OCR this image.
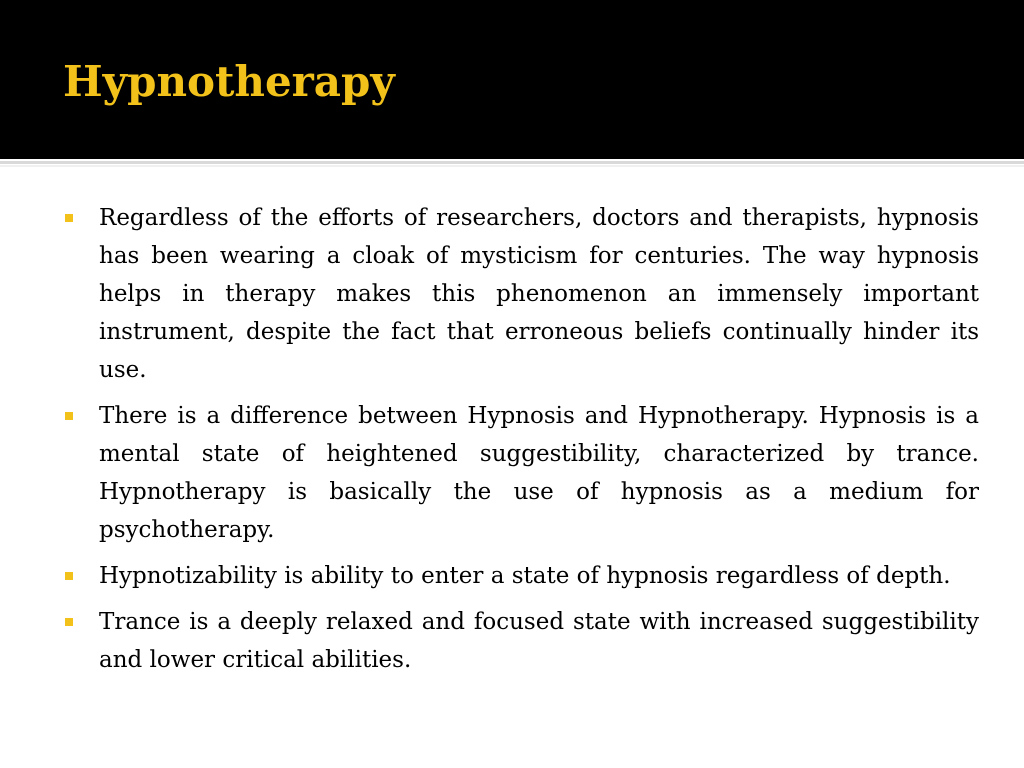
Hypnotherapy
Regardless of the efforts of researchers, doctors and therapists, hypnosis has been wearing a cloak of mysticism for centuries. The way hypnosis helps in therapy makes this phenomenon an immensely important instrument, despite the fact that erroneous beliefs continually hinder its use.
There is a difference between Hypnosis and Hypnotherapy. Hypnosis is a mental state of heightened suggestibility, characterized by trance. Hypnotherapy is basically the use of hypnosis as a medium for psychotherapy.
Hypnotizability is ability to enter a state of hypnosis regardless of depth.
Trance is a deeply relaxed and focused state with increased suggestibility and lower critical abilities.
